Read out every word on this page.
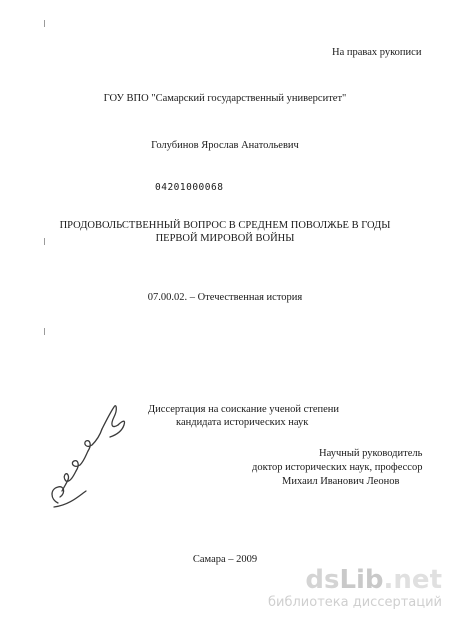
На правах рукописи
ГОУ ВПО "Самарский государственный университет"
Голубинов Ярослав Анатольевич
04201000068
ПРОДОВОЛЬСТВЕННЫЙ ВОПРОС В СРЕДНЕМ ПОВОЛЖЬЕ В ГОДЫ
ПЕРВОЙ МИРОВОЙ ВОЙНЫ
07.00.02. – Отечественная история
Диссертация на соискание ученой степени
кандидата исторических наук
Научный руководитель
доктор исторических наук, профессор
Михаил Иванович Леонов
Самара – 2009
dsLib.net
библиотека диссертаций
